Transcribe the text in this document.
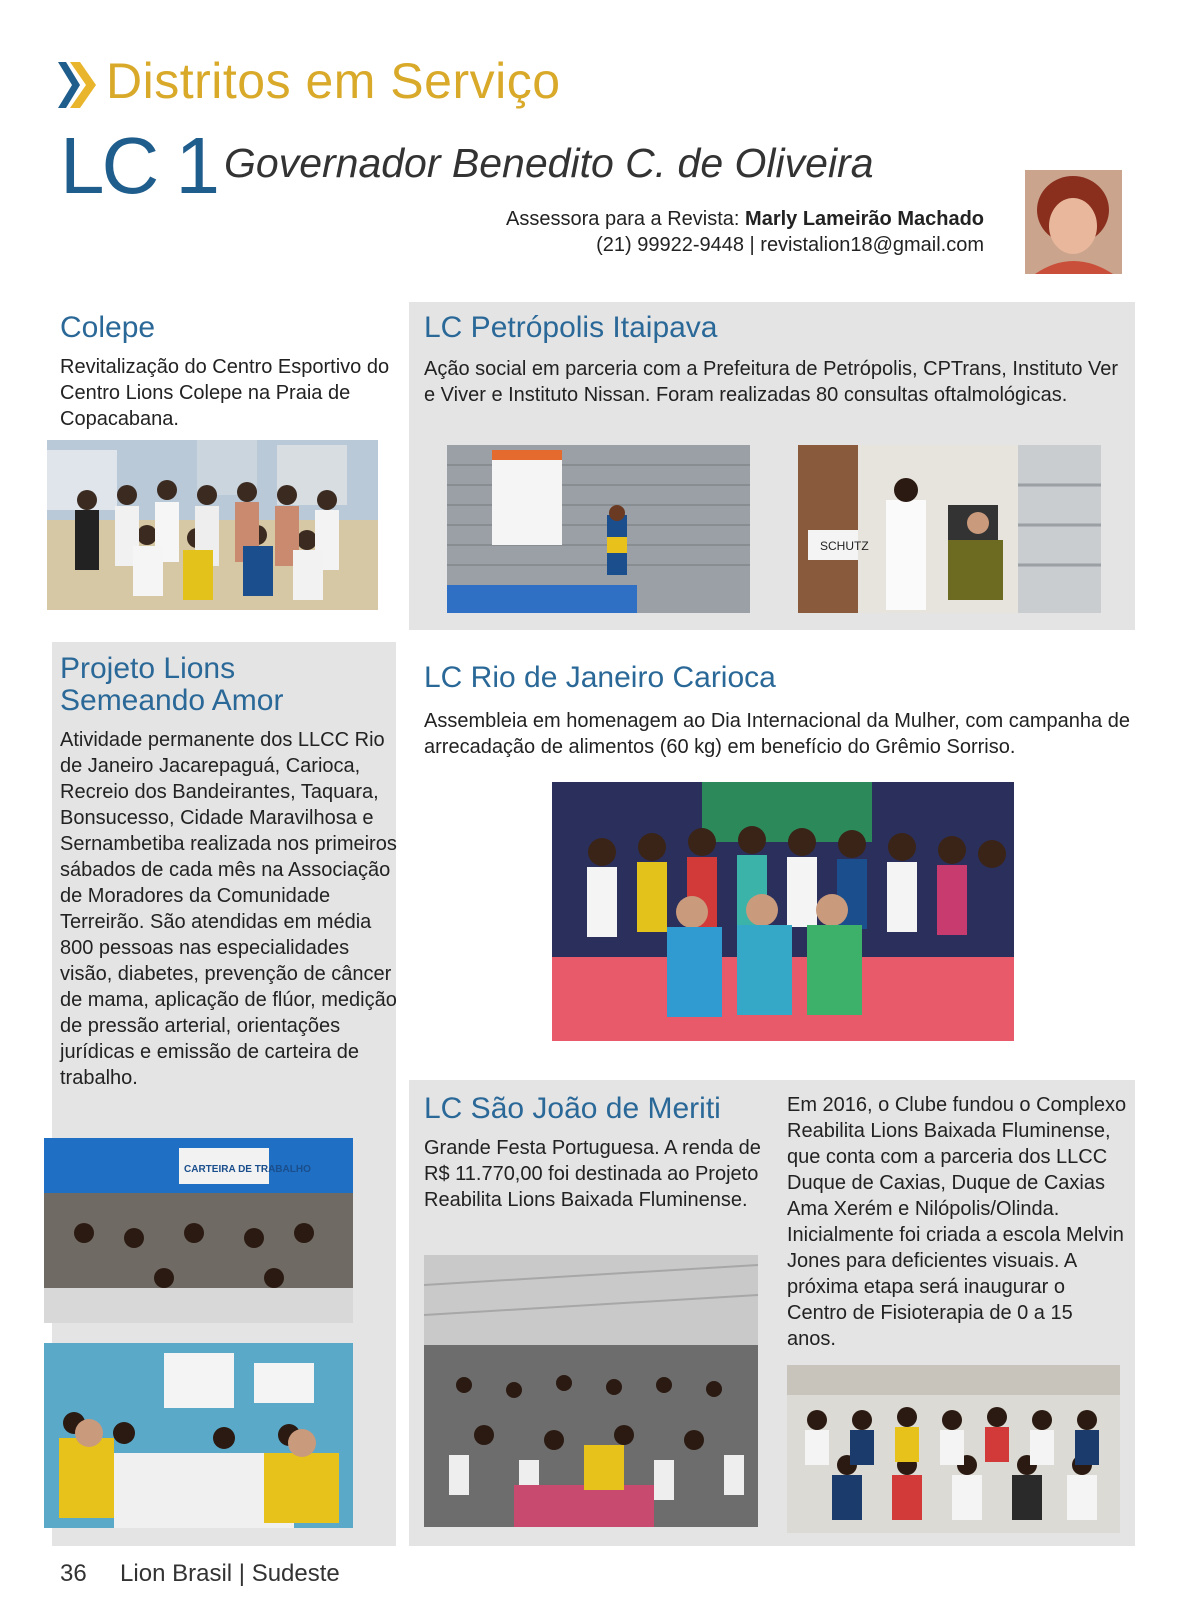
Distritos em Serviço
LC 1 Governador Benedito C. de Oliveira
Assessora para a Revista: Marly Lameirão Machado
(21) 99922-9448 | revistalion18@gmail.com
Colepe

Revitalização do Centro Esportivo do Centro Lions Colepe na Praia de Copacabana.

LC Petrópolis Itaipava

Ação social em parceria com a Prefeitura de Petrópolis, CPTrans, Instituto Ver e Viver e Instituto Nissan. Foram realizadas 80 consultas oftalmológicas.

SCHUTZ
Projeto Lions
Semeando Amor

Atividade permanente dos LLCC Rio de Janeiro Jacarepaguá, Carioca, Recreio dos Bandeirantes, Taquara, Bonsucesso, Cidade Maravilhosa e Sernambetiba realizada nos primeiros sábados de cada mês na Associação de Moradores da Comunidade Terreirão. São atendidas em média 800 pessoas nas especialidades visão, diabetes, prevenção de câncer de mama, aplicação de flúor, medição de pressão arterial, orientações jurídicas e emissão de carteira de trabalho.

CARTEIRA DE TRABALHO
LC Rio de Janeiro Carioca

Assembleia em homenagem ao Dia Internacional da Mulher, com campanha de arrecadação de alimentos (60 kg) em benefício do Grêmio Sorriso.

LC São João de Meriti

Grande Festa Portuguesa. A renda de R$ 11.770,00 foi destinada ao Projeto Reabilita Lions Baixada Fluminense.

Em 2016, o Clube fundou o Complexo Reabilita Lions Baixada Fluminense, que conta com a parceria dos LLCC Duque de Caxias, Duque de Caxias Ama Xerém e Nilópolis/Olinda. Inicialmente foi criada a escola Melvin Jones para deficientes visuais. A próxima etapa será inaugurar o Centro de Fisioterapia de 0 a 15 anos.

36 Lion Brasil | Sudeste
